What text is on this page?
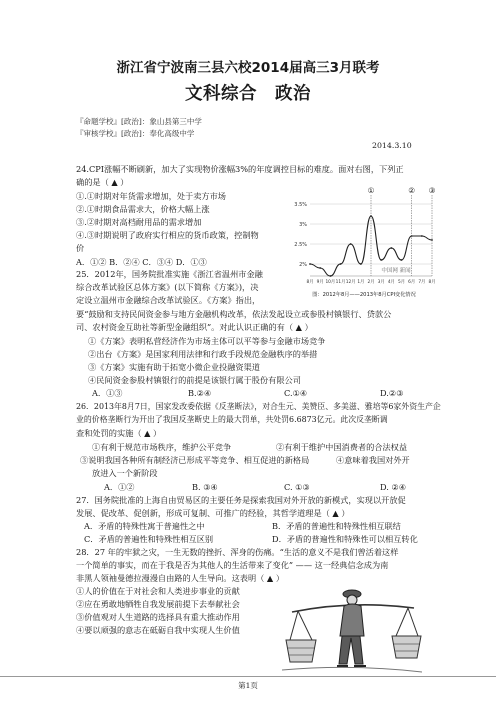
浙江省宁波南三县六校2014届高三3月联考
文科综合 政治
『命题学校』[政治]：象山县第三中学
『审核学校』[政治]：奉化高级中学
2014.3.10
24.CPI涨幅不断刷新，加大了实现物价涨幅3%的年度调控目标的难度。面对右图，下列正
确的是（ ▲ ）
①.①时期对年货需求增加，处于卖方市场
②.①时期食品需求大，价格大幅上涨
③.②时期对高档耐用品的需求增加
④.③时期说明了政府实行相应的货币政策，控制物
价
A．①② B．②④ C．③④ D．①③
3.5%
3%
2.5%
2%
8月 9月 10月 11月 12月 1月 2月 3月 4月 5月 6月 7月 8月
①	② ③
中国网 新闻
图：2012年8月——2013年8月CPI变化情况
25．2012年，国务院批准实施《浙江省温州市金融
综合改革试验区总体方案》(以下简称《方案》)，决
定设立温州市金融综合改革试验区。《方案》指出，
要“鼓励和支持民间资金参与地方金融机构改革，依法发起设立或参股村镇银行、贷款公
司、农村资金互助社等新型金融组织”。对此认识正确的有（ ▲ ）
①《方案》表明私营经济作为市场主体可以平等参与金融市场竞争
②出台《方案》是国家利用法律和行政手段规范金融秩序的举措
③《方案》实施有助于拓宽小微企业投融资渠道
④民间资金参股村镇银行的前提是该银行属于股份有限公司
A．①③	B.②④	C.①④	D.②③
26．2013年8月7日，国家发改委依据《反垄断法》，对合生元、美赞臣、多美滋、雅培等6家外资生产企
业的价格垄断行为开出了我国反垄断史上的最大罚单，共处罚6.6873亿元。此次反垄断调
查和处罚的实施（ ▲ ）
①有利于规范市场秩序，维护公平竞争	②有利于维护中国消费者的合法权益
③说明我国各种所有制经济已形成平等竞争、相互促进的新格局	④意味着我国对外开
放进入一个新阶段
A．①②	B. ③④	C. ①③	D. ②④
27．国务院批准的上海自由贸易区的主要任务是探索我国对外开放的新模式，实现以开放促
发展、促改革、促创新，形成可复制、可推广的经验，其哲学道理是（ ▲ ）
A．矛盾的特殊性寓于普遍性之中	B．矛盾的普遍性和特殊性相互联结
C．矛盾的普遍性和特殊性相互区别	D．矛盾的普遍性和特殊性可以相互转化
28．27 年的牢狱之灾，一生无数的挫折、浑身的伤痛。“生活的意义不是我们曾活着这样
一个简单的事实，而在于我是否为其他人的生活带来了变化” —— 这一经典信念成为南
非黑人领袖曼德拉漫漫自由路的人生导向。这表明（ ▲ ）
①人的价值在于对社会和人类进步事业的贡献
②应在勇敢地牺牲自我发展前提下去奉献社会
③价值观对人生道路的选择具有重大推动作用
④要以顽强的意志在砥砺自我中实现人生价值
第1页
